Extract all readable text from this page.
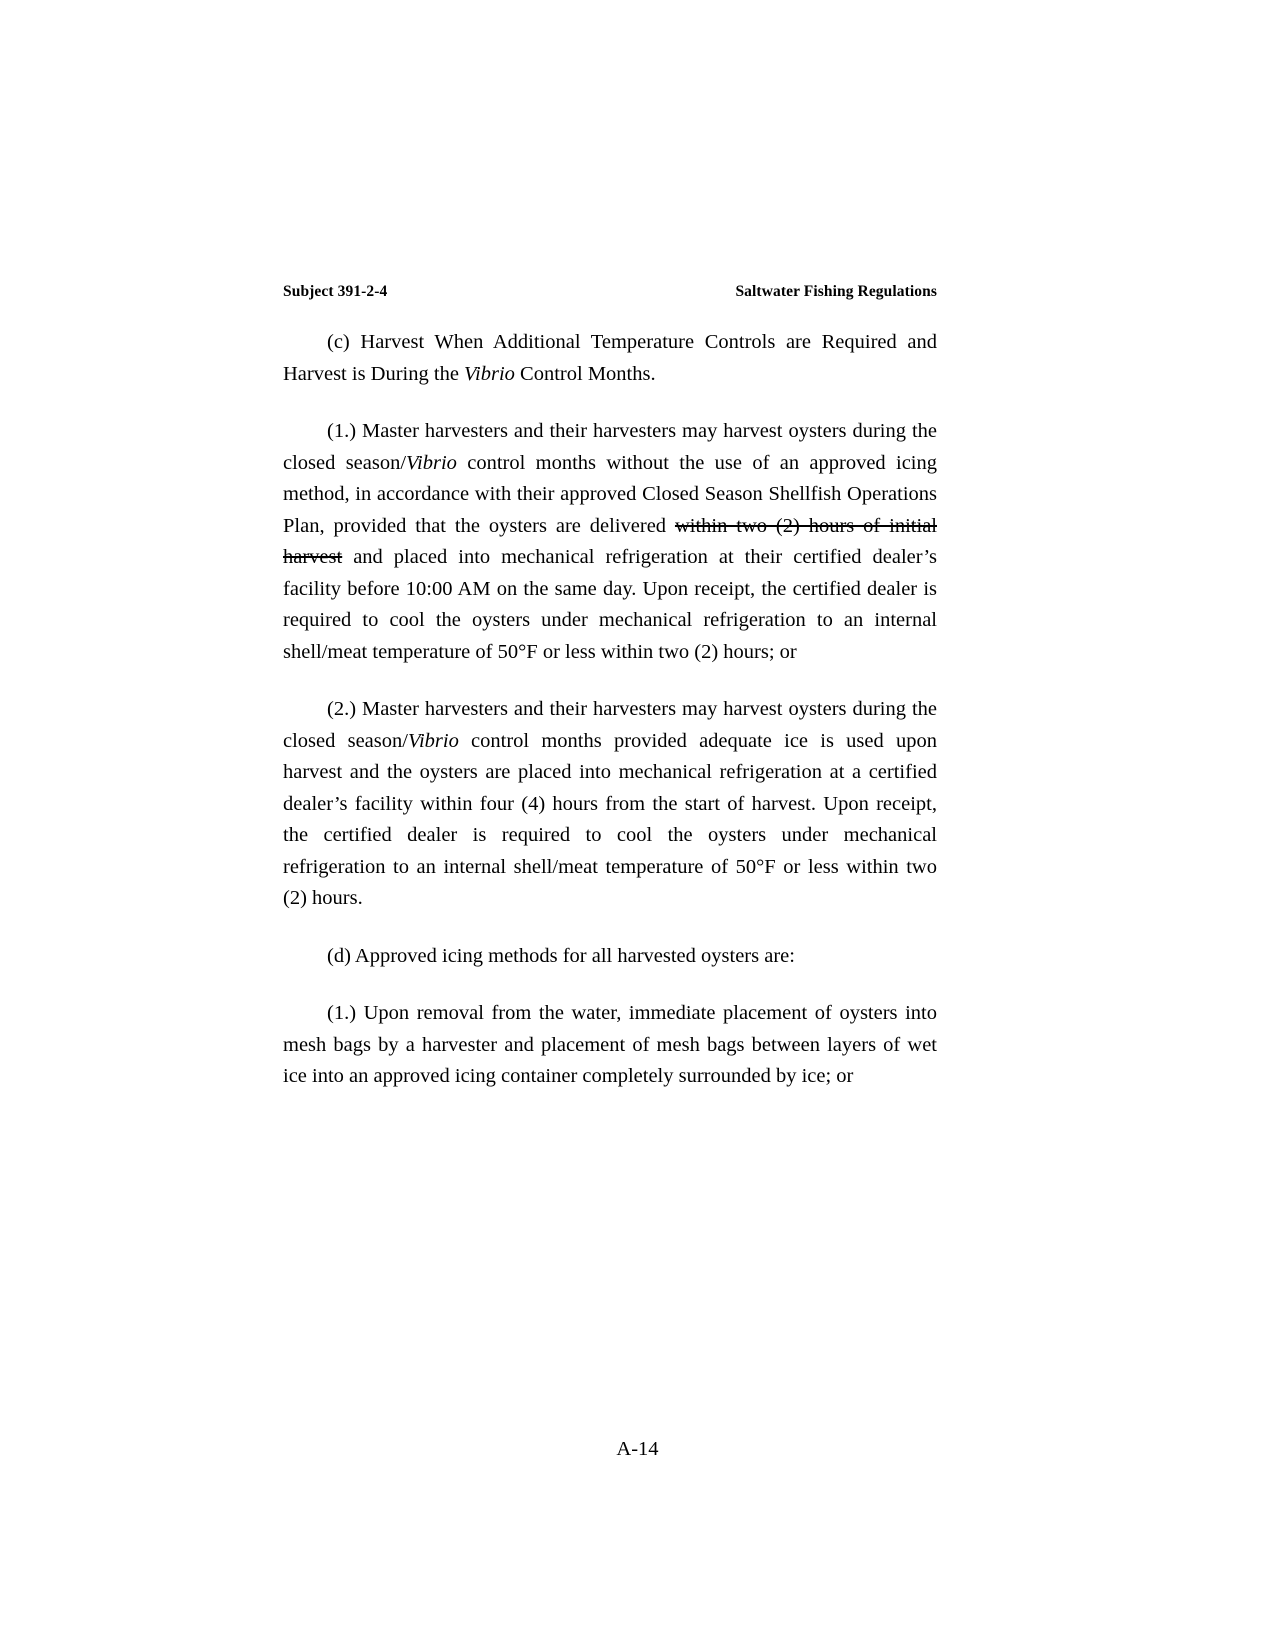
Subject 391-2-4	Saltwater Fishing Regulations

(c) Harvest When Additional Temperature Controls are Required and Harvest is During the Vibrio Control Months.

(1.) Master harvesters and their harvesters may harvest oysters during the closed season/Vibrio control months without the use of an approved icing method, in accordance with their approved Closed Season Shellfish Operations Plan, provided that the oysters are delivered within two (2) hours of initial harvest and placed into mechanical refrigeration at their certified dealer’s facility before 10:00 AM on the same day. Upon receipt, the certified dealer is required to cool the oysters under mechanical refrigeration to an internal shell/meat temperature of 50°F or less within two (2) hours; or

(2.) Master harvesters and their harvesters may harvest oysters during the closed season/Vibrio control months provided adequate ice is used upon harvest and the oysters are placed into mechanical refrigeration at a certified dealer’s facility within four (4) hours from the start of harvest. Upon receipt, the certified dealer is required to cool the oysters under mechanical refrigeration to an internal shell/meat temperature of 50°F or less within two (2) hours.

(d) Approved icing methods for all harvested oysters are:

(1.) Upon removal from the water, immediate placement of oysters into mesh bags by a harvester and placement of mesh bags between layers of wet ice into an approved icing container completely surrounded by ice; or

A-14
